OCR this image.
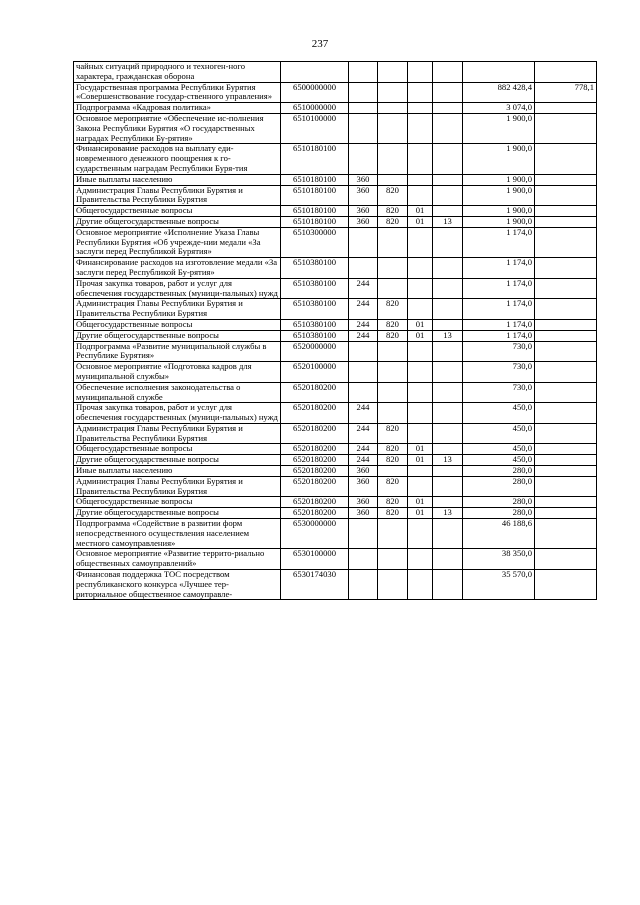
237
чайных ситуаций природного и техноген-ного характера, гражданская оборона							
Государственная программа Республики Бурятия «Совершенствование государ-ственного управления»	6500000000					882 428,4	778,1
Подпрограмма «Кадровая политика»	6510000000					3 074,0	
Основное мероприятие «Обеспечение ис-полнения Закона Республики Бурятия «О государственных наградах Республики Бу-рятия»	6510100000					1 900,0	
Финансирование расходов на выплату еди-новременного денежного поощрения к го-сударственным наградам Республики Буря-тия	6510180100					1 900,0	
Иные выплаты населению	6510180100	360				1 900,0	
Администрация Главы Республики Бурятия и Правительства Республики Бурятия	6510180100	360	820			1 900,0	
Общегосударственные вопросы	6510180100	360	820	01		1 900,0	
Другие общегосударственные вопросы	6510180100	360	820	01	13	1 900,0	
Основное мероприятие «Исполнение Указа Главы Республики Бурятия «Об учрежде-нии медали «За заслуги перед Республикой Бурятия»	6510300000					1 174,0	
Финансирование расходов на изготовление медали «За заслуги перед Республикой Бу-рятия»	6510380100					1 174,0	
Прочая закупка товаров, работ и услуг для обеспечения государственных (муници-пальных) нужд	6510380100	244				1 174,0	
Администрация Главы Республики Бурятия и Правительства Республики Бурятия	6510380100	244	820			1 174,0	
Общегосударственные вопросы	6510380100	244	820	01		1 174,0	
Другие общегосударственные вопросы	6510380100	244	820	01	13	1 174,0	
Подпрограмма «Развитие муниципальной службы в Республике Бурятия»	6520000000					730,0	
Основное мероприятие «Подготовка кадров для муниципальной службы»	6520100000					730,0	
Обеспечение исполнения законодательства о муниципальной службе	6520180200					730,0	
Прочая закупка товаров, работ и услуг для обеспечения государственных (муници-пальных) нужд	6520180200	244				450,0	
Администрация Главы Республики Бурятия и Правительства Республики Бурятия	6520180200	244	820			450,0	
Общегосударственные вопросы	6520180200	244	820	01		450,0	
Другие общегосударственные вопросы	6520180200	244	820	01	13	450,0	
Иные выплаты населению	6520180200	360				280,0	
Администрация Главы Республики Бурятия и Правительства Республики Бурятия	6520180200	360	820			280,0	
Общегосударственные вопросы	6520180200	360	820	01		280,0	
Другие общегосударственные вопросы	6520180200	360	820	01	13	280,0	
Подпрограмма «Содействие в развитии форм непосредственного осуществления населением местного самоуправления»	6530000000					46 188,6	
Основное мероприятие «Развитие террито-риально общественных самоуправлений»	6530100000					38 350,0	
Финансовая поддержка ТОС посредством республиканского конкурса «Лучшее тер-риториальное общественное самоуправле-	6530174030					35 570,0	
